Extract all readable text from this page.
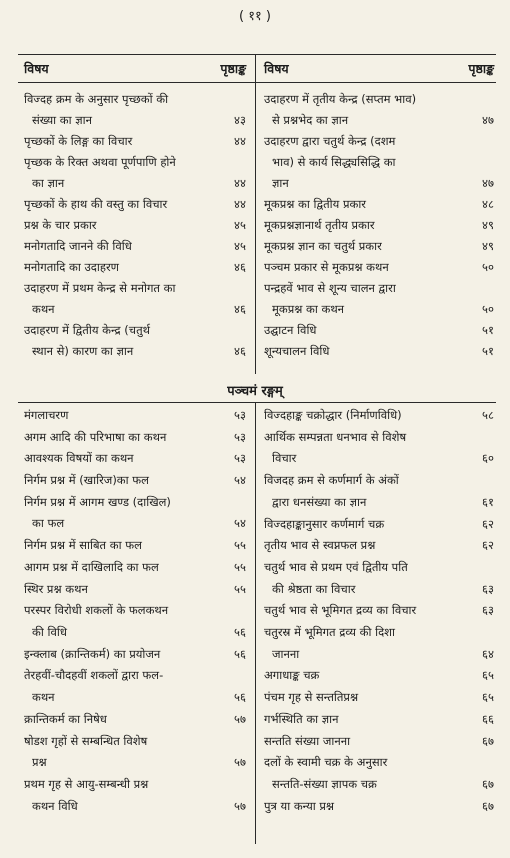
( ११ )
विषय	पृष्ठाङ्क विषय	पृष्ठाङ्क
विज्दह क्रम के अनुसार पृच्छकों की
संख्या का ज्ञान	४३
पृच्छकों के लिङ्ग का विचार	४४
पृच्छक के रिक्त अथवा पूर्णपाणि होने
का ज्ञान	४४
पृच्छकों के हाथ की वस्तु का विचार	४४
प्रश्न के चार प्रकार	४५
मनोगतादि जानने की विधि	४५
मनोगतादि का उदाहरण	४६
उदाहरण में प्रथम केन्द्र से मनोगत का
कथन	४६
उदाहरण में द्वितीय केन्द्र (चतुर्थ
स्थान से) कारण का ज्ञान	४६
उदाहरण में तृतीय केन्द्र (सप्तम भाव)
से प्रश्नभेद का ज्ञान	४७
उदाहरण द्वारा चतुर्थ केन्द्र (दशम
भाव) से कार्य सिद्ध्यसिद्धि का
ज्ञान	४७
मूकप्रश्न का द्वितीय प्रकार	४८
मूकप्रश्नज्ञानार्थ तृतीय प्रकार	४९
मूकप्रश्न ज्ञान का चतुर्थ प्रकार	४९
पञ्चम प्रकार से मूकप्रश्न कथन	५०
पन्द्रहवें भाव से शून्य चालन द्वारा
मूकप्रश्न का कथन	५०
उद्घाटन विधि	५१
शून्यचालन विधि	५१
पञ्चमं रङ्गम्
मंगलाचरण	५३
अगम आदि की परिभाषा का कथन	५३
आवश्यक विषयों का कथन	५३
निर्गम प्रश्न में (खारिज)का फल	५४
निर्गम प्रश्न में आगम खण्ड (दाखिल)
का फल	५४
निर्गम प्रश्न में साबित का फल	५५
आगम प्रश्न में दाखिलादि का फल	५५
स्थिर प्रश्न कथन	५५
परस्पर विरोधी शकलों के फलकथन
की विधि	५६
इन्क्लाब (क्रान्तिकर्म) का प्रयोजन	५६
तेरहवीं-चौदहवीं शकलों द्वारा फल-
कथन	५६
क्रान्तिकर्म का निषेध	५७
षोडश गृहों से सम्बन्धित विशेष
प्रश्न	५७
प्रथम गृह से आयु-सम्बन्धी प्रश्न
कथन विधि	५७
विज्दहाङ्क चक्रोद्धार (निर्माणविधि)	५८
आर्थिक सम्पन्नता धनभाव से विशेष
विचार	६०
विजदह क्रम से कर्णमार्ग के अंकों
द्वारा धनसंख्या का ज्ञान	६१
विज्दहाङ्कानुसार कर्णमार्ग चक्र	६२
तृतीय भाव से स्वप्नफल प्रश्न	६२
चतुर्थ भाव से प्रथम एवं द्वितीय पति
की श्रेष्ठता का विचार	६३
चतुर्थ भाव से भूमिगत द्रव्य का विचार	६३
चतुरस्र में भूमिगत द्रव्य की दिशा
जानना	६४
अगाधाङ्क चक्र	६५
पंचम गृह से सन्ततिप्रश्न	६५
गर्भस्थिति का ज्ञान	६६
सन्तति संख्या जानना	६७
दलों के स्वामी चक्र के अनुसार
सन्तति-संख्या ज्ञापक चक्र	६७
पुत्र या कन्या प्रश्न	६७
